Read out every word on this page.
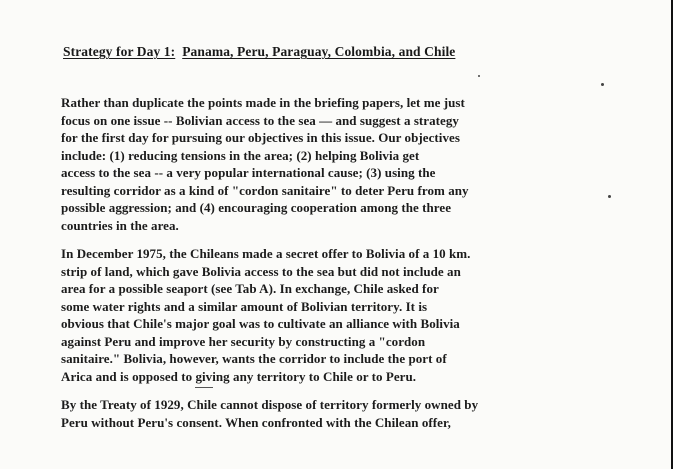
Strategy for Day 1: Panama, Peru, Paraguay, Colombia, and Chile
Rather than duplicate the points made in the briefing papers, let me just
focus on one issue -- Bolivian access to the sea — and suggest a strategy
for the first day for pursuing our objectives in this issue. Our objectives
include: (1) reducing tensions in the area; (2) helping Bolivia get
access to the sea -- a very popular international cause; (3) using the
resulting corridor as a kind of "cordon sanitaire" to deter Peru from any
possible aggression; and (4) encouraging cooperation among the three
countries in the area.
In December 1975, the Chileans made a secret offer to Bolivia of a 10 km.
strip of land, which gave Bolivia access to the sea but did not include an
area for a possible seaport (see Tab A). In exchange, Chile asked for
some water rights and a similar amount of Bolivian territory. It is
obvious that Chile's major goal was to cultivate an alliance with Bolivia
against Peru and improve her security by constructing a "cordon
sanitaire." Bolivia, however, wants the corridor to include the port of
Arica and is opposed to giving any territory to Chile or to Peru.
By the Treaty of 1929, Chile cannot dispose of territory formerly owned by
Peru without Peru's consent. When confronted with the Chilean offer,
